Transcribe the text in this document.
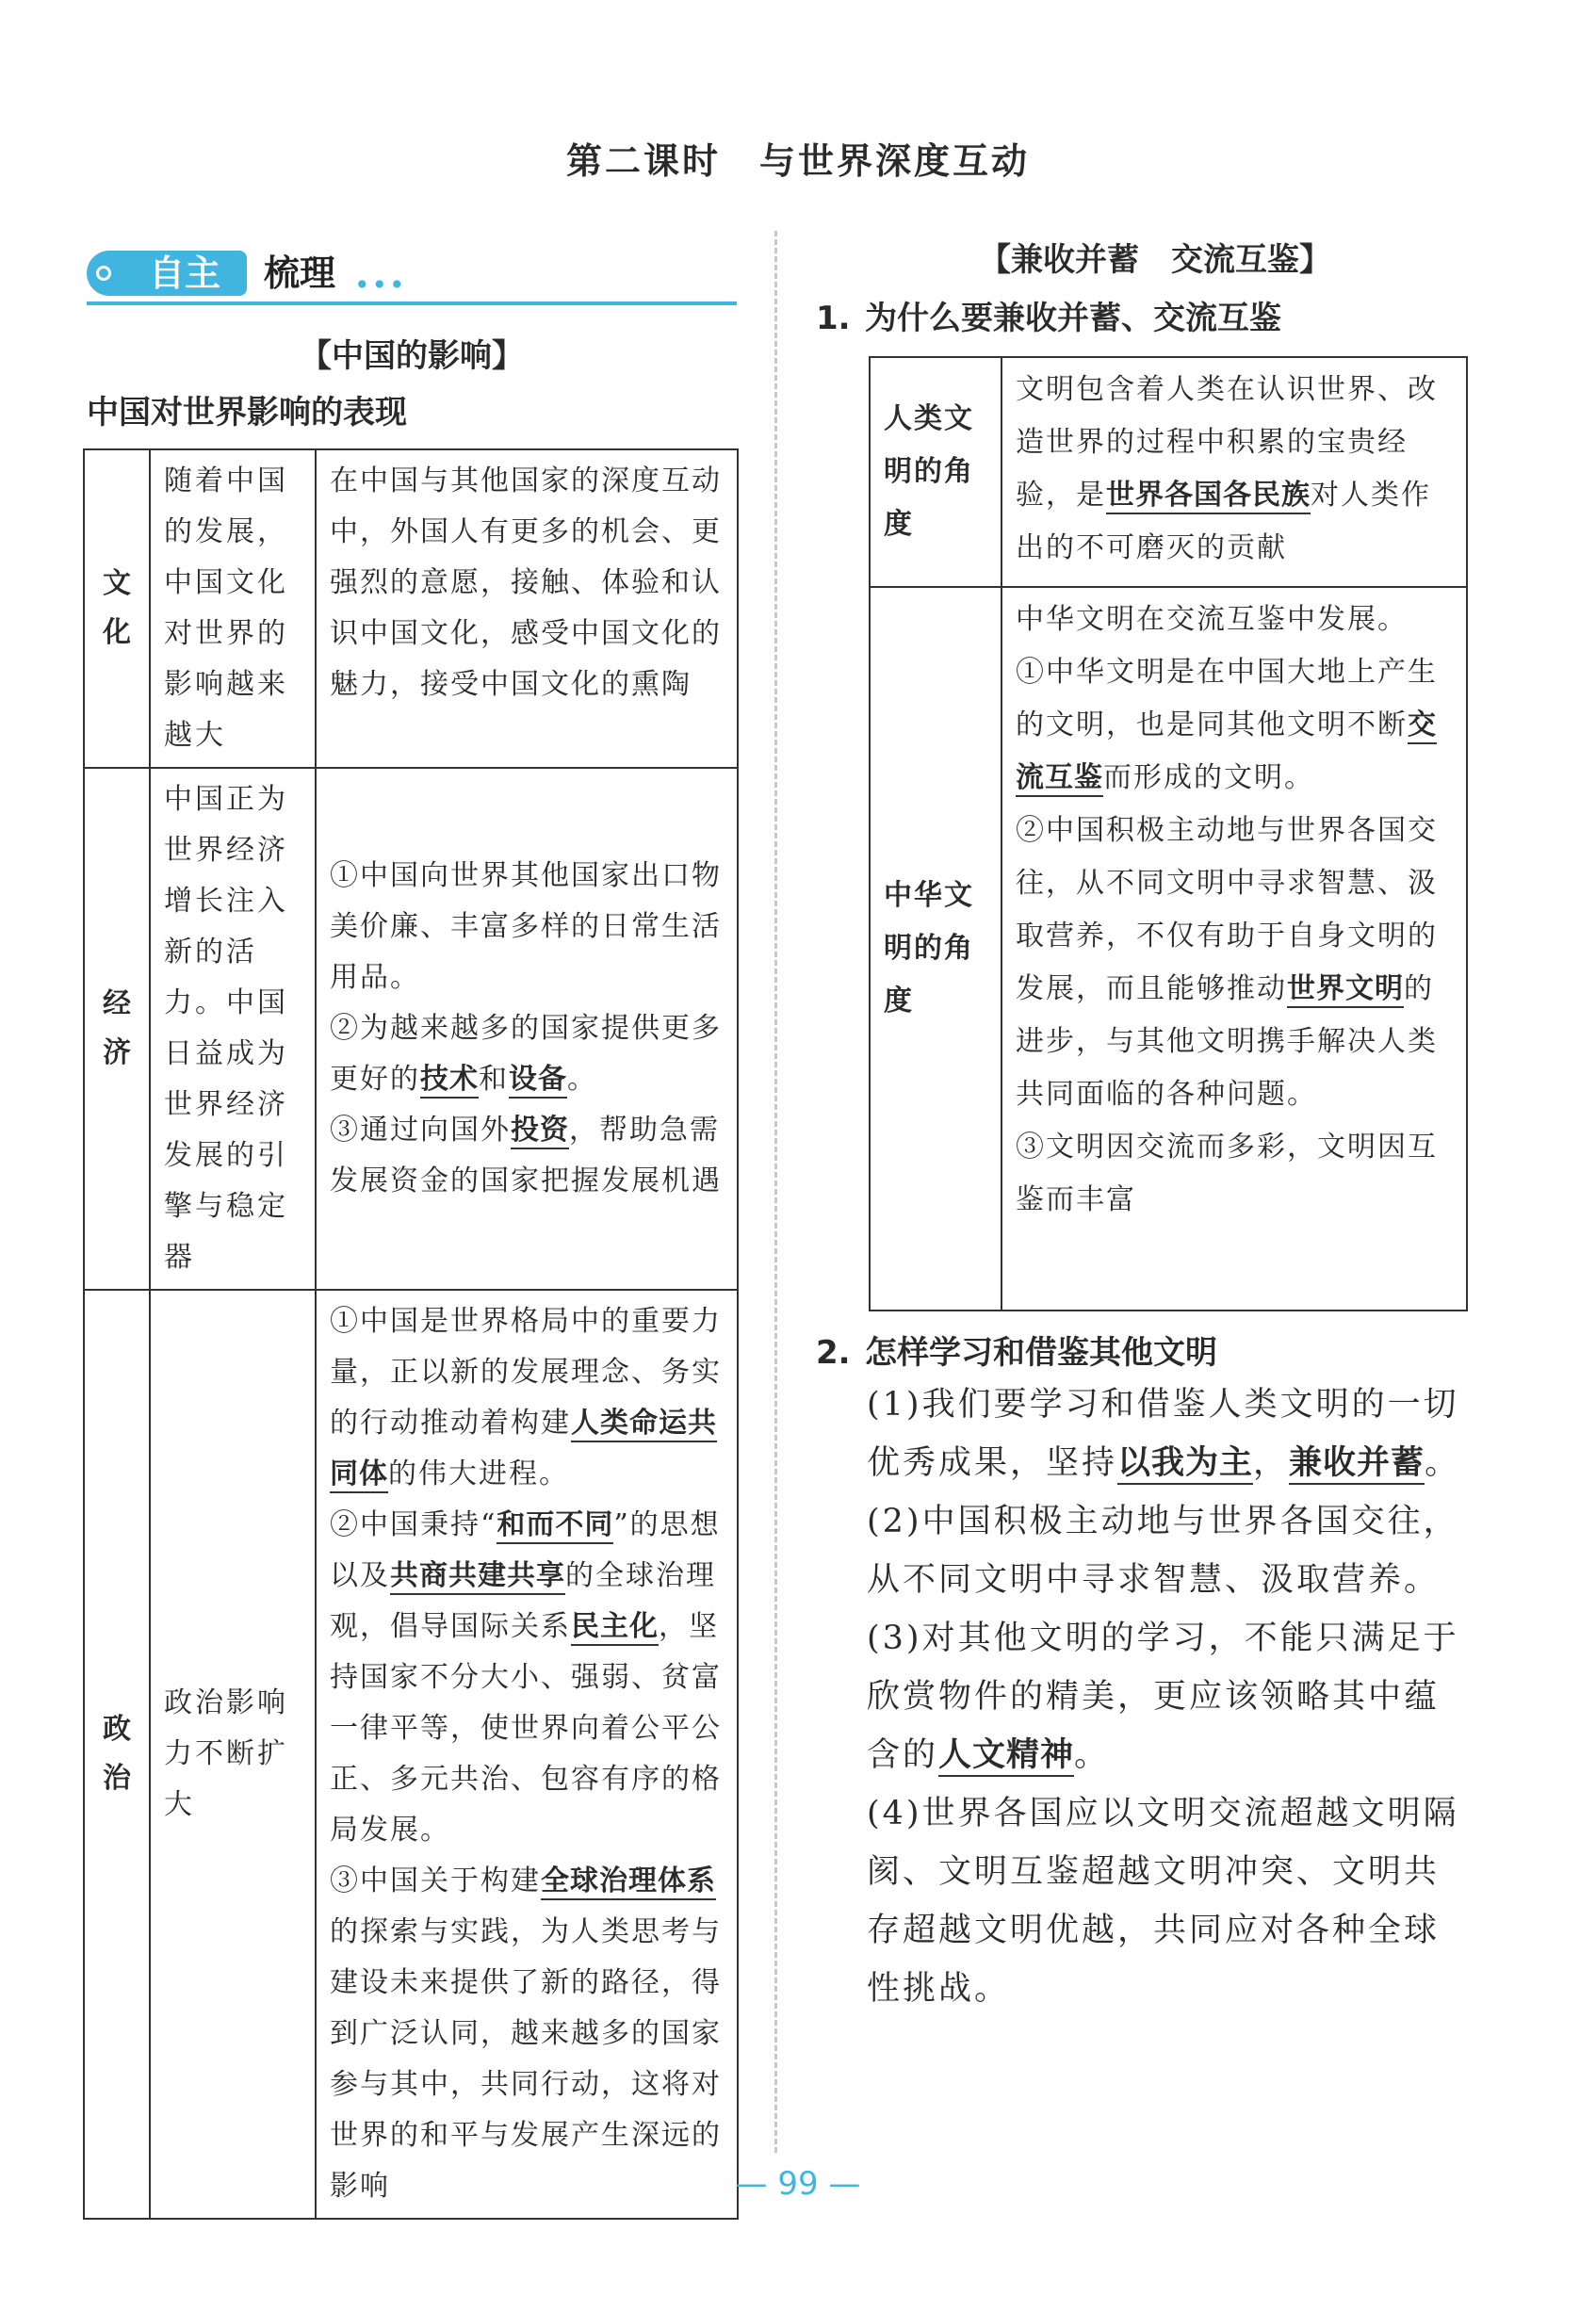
第二课时　与世界深度互动
自主 梳理 •••
【中国的影响】
中国对世界影响的表现
文化	随着中国的发展，中国文化对世界的影响越来越大	在中国与其他国家的深度互动中，外国人有更多的机会、更强烈的意愿，接触、体验和认识中国文化，感受中国文化的魅力，接受中国文化的熏陶
经济	中国正为世界经济增长注入新的活力。中国日益成为世界经济发展的引擎与稳定器	①中国向世界其他国家出口物美价廉、丰富多样的日常生活用品。

②为越来越多的国家提供更多更好的技术和设备。

③通过向国外投资，帮助急需发展资金的国家把握发展机遇

政治	政治影响力不断扩大	①中国是世界格局中的重要力量，正以新的发展理念、务实的行动推动着构建人类命运共同体的伟大进程。

②中国秉持“和而不同”的思想以及共商共建共享的全球治理观，倡导国际关系民主化，坚持国家不分大小、强弱、贫富一律平等，使世界向着公平公正、多元共治、包容有序的格局发展。

③中国关于构建全球治理体系的探索与实践，为人类思考与建设未来提供了新的路径，得到广泛认同，越来越多的国家参与其中，共同行动，这将对世界的和平与发展产生深远的影响

【兼收并蓄　交流互鉴】
1. 为什么要兼收并蓄、交流互鉴
人类文明的角度	文明包含着人类在认识世界、改造世界的过程中积累的宝贵经验，是世界各国各民族对人类作出的不可磨灭的贡献

中华文明的角度	中华文明在交流互鉴中发展。

①中华文明是在中国大地上产生的文明，也是同其他文明不断交流互鉴而形成的文明。

②中国积极主动地与世界各国交往，从不同文明中寻求智慧、汲取营养，不仅有助于自身文明的发展，而且能够推动世界文明的进步，与其他文明携手解决人类共同面临的各种问题。

③文明因交流而多彩，文明因互鉴而丰富

2. 怎样学习和借鉴其他文明

(1)我们要学习和借鉴人类文明的一切优秀成果，坚持以我为主，兼收并蓄。

(2)中国积极主动地与世界各国交往，从不同文明中寻求智慧、汲取营养。

(3)对其他文明的学习，不能只满足于欣赏物件的精美，更应该领略其中蕴含的人文精神。

(4)世界各国应以文明交流超越文明隔阂、文明互鉴超越文明冲突、文明共存超越文明优越，共同应对各种全球性挑战。

— 99 —
